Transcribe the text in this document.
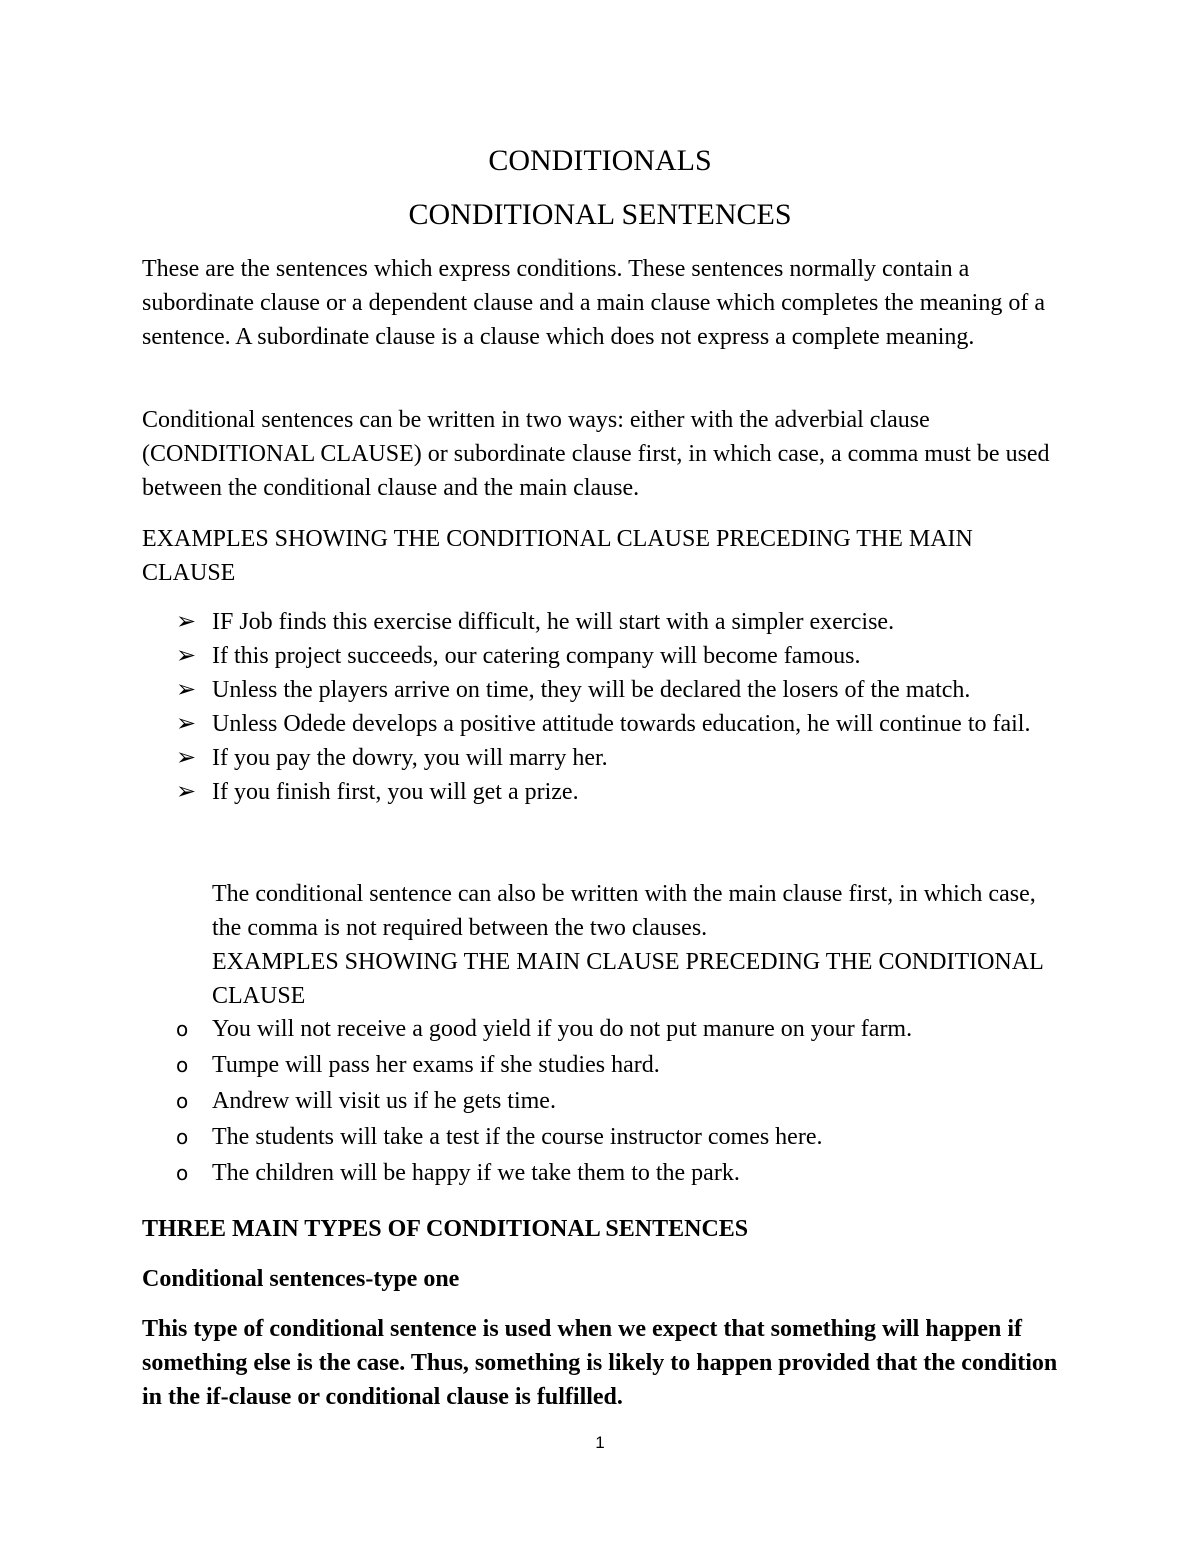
CONDITIONALS
CONDITIONAL SENTENCES

These are the sentences which express conditions. These sentences normally contain a subordinate clause or a dependent clause and a main clause which completes the meaning of a sentence. A subordinate clause is a clause which does not express a complete meaning.

Conditional sentences can be written in two ways: either with the adverbial clause (CONDITIONAL CLAUSE) or subordinate clause first, in which case, a comma must be used between the conditional clause and the main clause.

EXAMPLES SHOWING THE CONDITIONAL CLAUSE PRECEDING THE MAIN CLAUSE

➢ IF Job finds this exercise difficult, he will start with a simpler exercise.
➢ If this project succeeds, our catering company will become famous.
➢ Unless the players arrive on time, they will be declared the losers of the match.
➢ Unless Odede develops a positive attitude towards education, he will continue to fail.
➢ If you pay the dowry, you will marry her.
➢ If you finish first, you will get a prize.

The conditional sentence can also be written with the main clause first, in which case, the comma is not required between the two clauses.

EXAMPLES SHOWING THE MAIN CLAUSE PRECEDING THE CONDITIONAL CLAUSE

o You will not receive a good yield if you do not put manure on your farm.
o Tumpe will pass her exams if she studies hard.
o Andrew will visit us if he gets time.
o The students will take a test if the course instructor comes here.
o The children will be happy if we take them to the park.

THREE MAIN TYPES OF CONDITIONAL SENTENCES

Conditional sentences-type one

This type of conditional sentence is used when we expect that something will happen if something else is the case. Thus, something is likely to happen provided that the condition in the if-clause or conditional clause is fulfilled.

1
